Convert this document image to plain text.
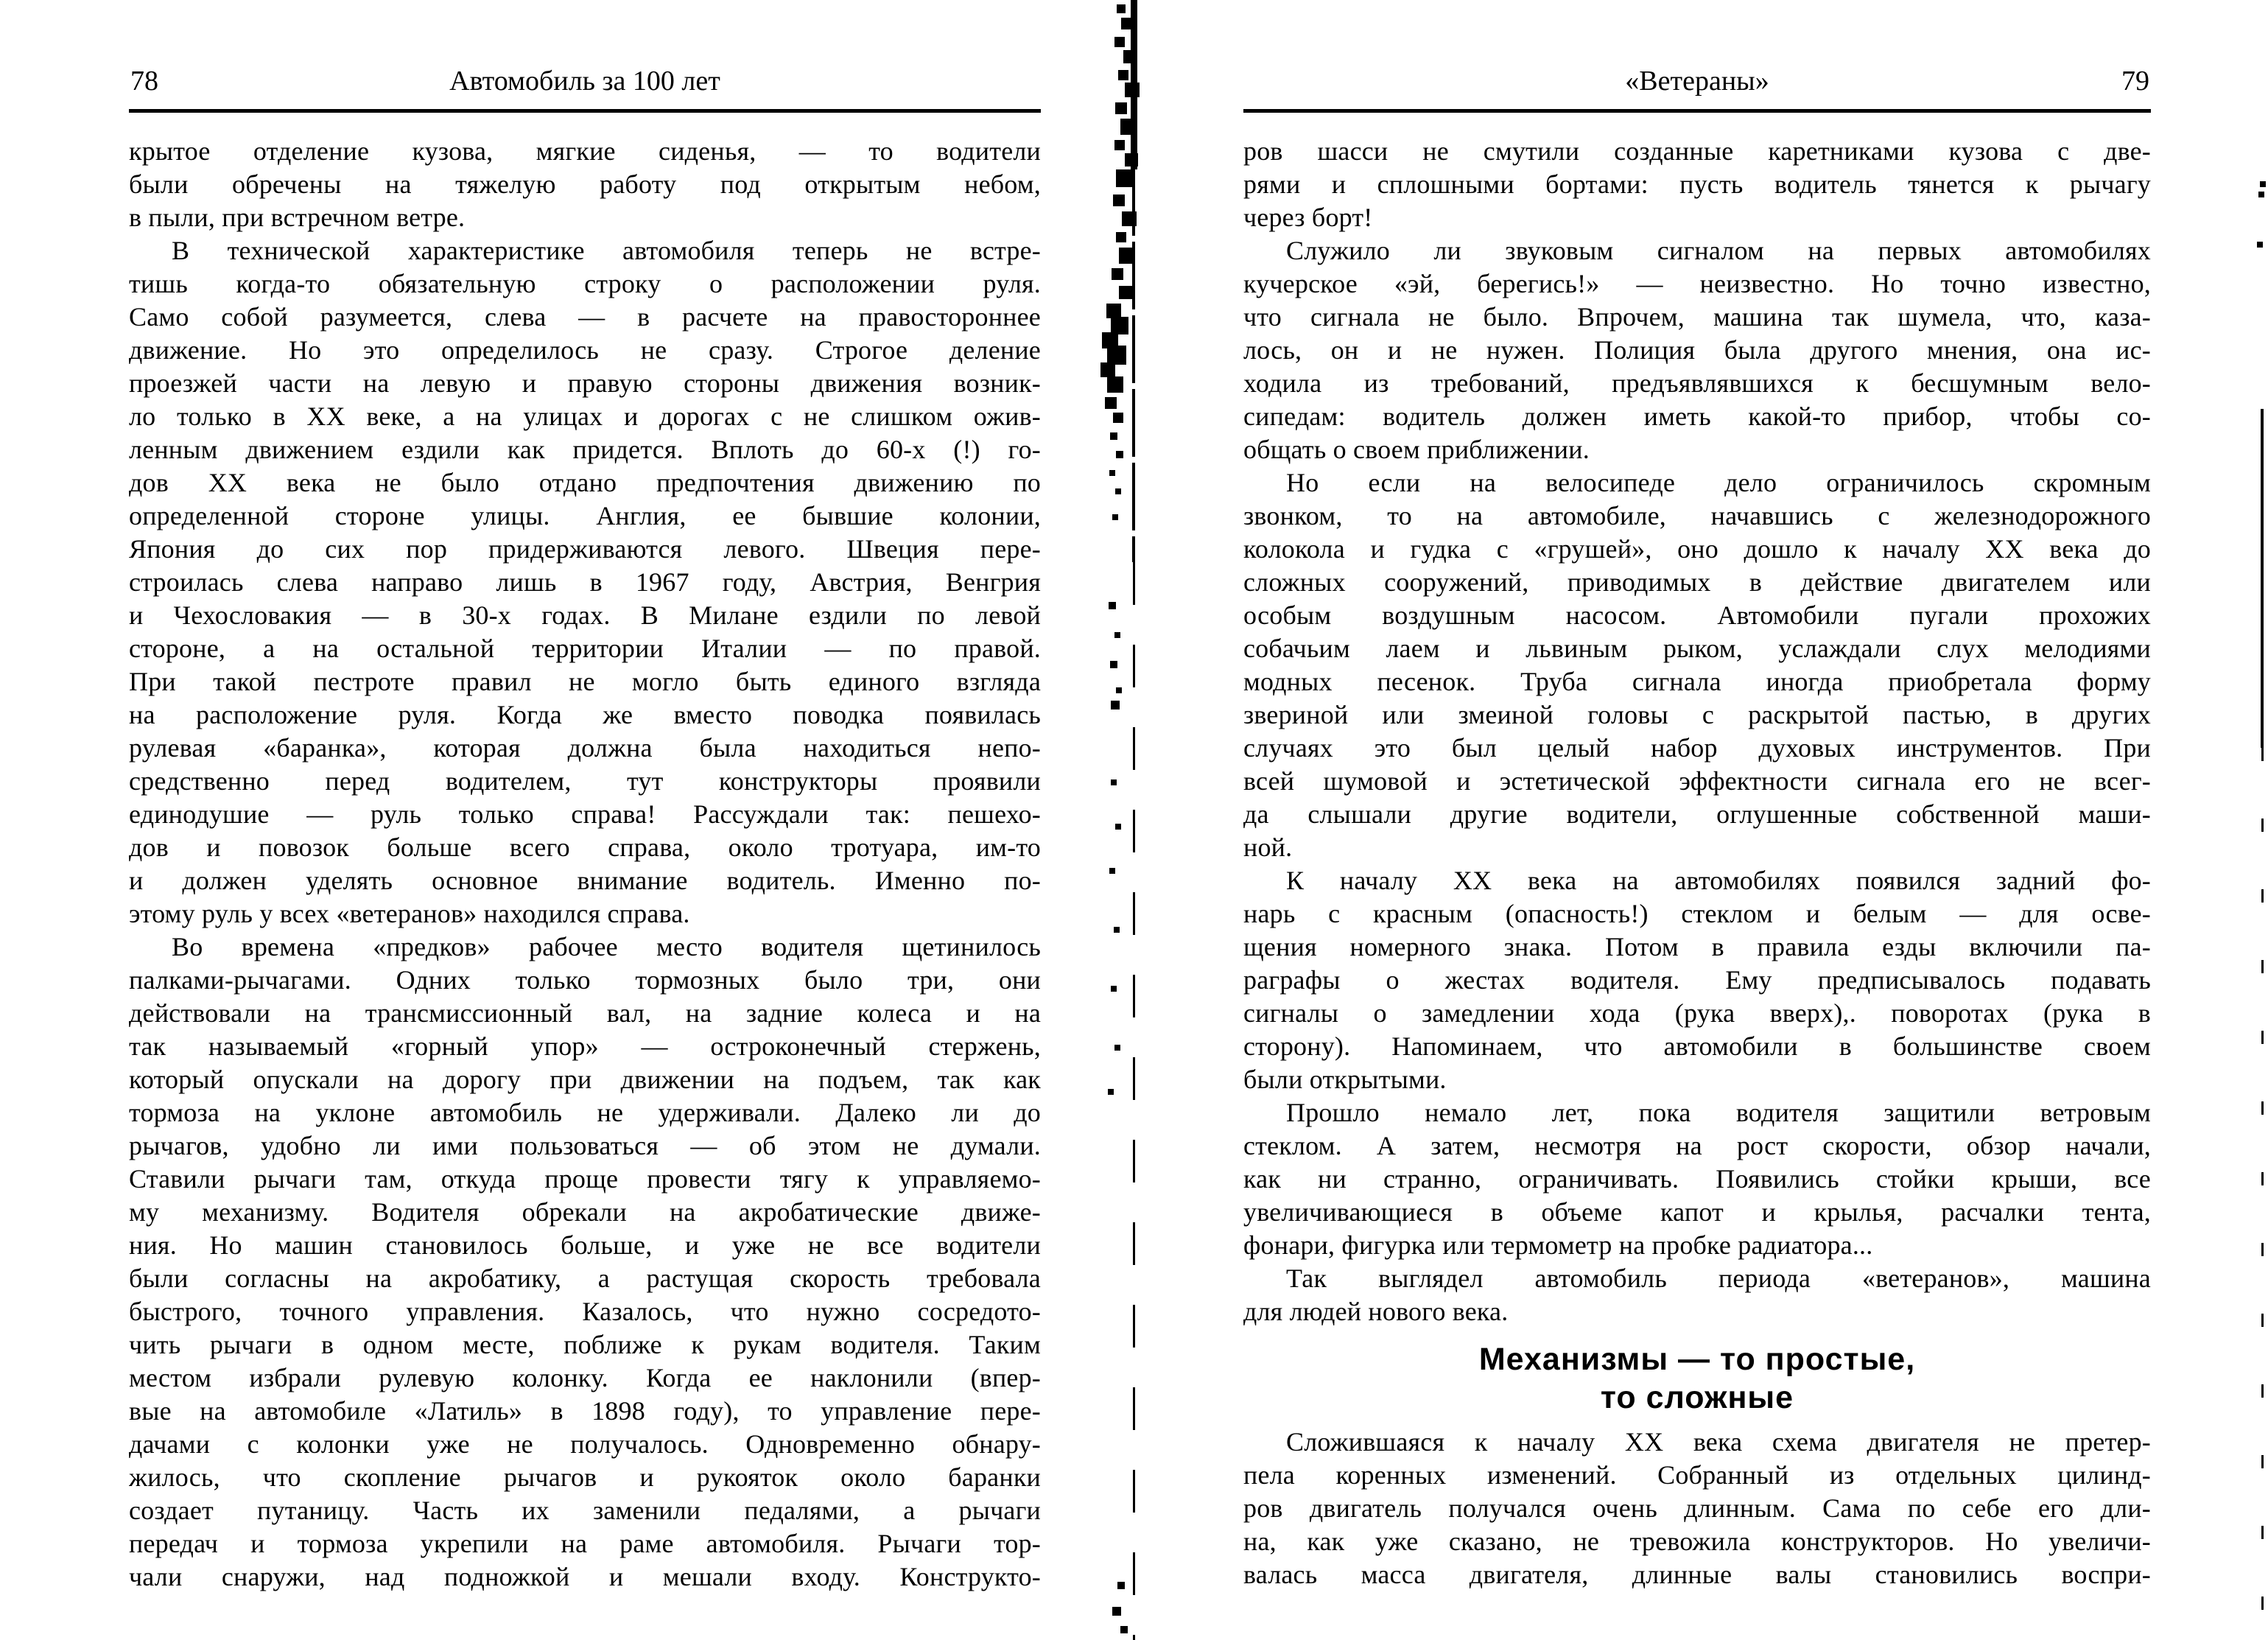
78	Автомобиль за 100 лет
крытое отделение кузова, мягкие сиденья, — то водители
были обречены на тяжелую работу под открытым небом,
в пыли, при встречном ветре.
В технической характеристике автомобиля теперь не встре-
тишь когда-то обязательную строку о расположении руля.
Само собой разумеется, слева — в расчете на правостороннее
движение. Но это определилось не сразу. Строгое деление
проезжей части на левую и правую стороны движения возник-
ло только в XX веке, а на улицах и дорогах с не слишком ожив-
ленным движением ездили как придется. Вплоть до 60-х (!) го-
дов XX века не было отдано предпочтения движению по
определенной стороне улицы. Англия, ее бывшие колонии,
Япония до сих пор придерживаются левого. Швеция пере-
строилась слева направо лишь в 1967 году, Австрия, Венгрия
и Чехословакия — в 30-х годах. В Милане ездили по левой
стороне, а на остальной территории Италии — по правой.
При такой пестроте правил не могло быть единого взгляда
на расположение руля. Когда же вместо поводка появилась
рулевая «баранка», которая должна была находиться непо-
средственно перед водителем, тут конструкторы проявили
единодушие — руль только справа! Рассуждали так: пешехо-
дов и повозок больше всего справа, около тротуара, им-то
и должен уделять основное внимание водитель. Именно по-
этому руль у всех «ветеранов» находился справа.
Во времена «предков» рабочее место водителя щетинилось
палками-рычагами. Одних только тормозных было три, они
действовали на трансмиссионный вал, на задние колеса и на
так называемый «горный упор» — остроконечный стержень,
который опускали на дорогу при движении на подъем, так как
тормоза на уклоне автомобиль не удерживали. Далеко ли до
рычагов, удобно ли ими пользоваться — об этом не думали.
Ставили рычаги там, откуда проще провести тягу к управляемо-
му механизму. Водителя обрекали на акробатические движе-
ния. Но машин становилось больше, и уже не все водители
были согласны на акробатику, а растущая скорость требовала
быстрого, точного управления. Казалось, что нужно сосредото-
чить рычаги в одном месте, поближе к рукам водителя. Таким
местом избрали рулевую колонку. Когда ее наклонили (впер-
вые на автомобиле «Латиль» в 1898 году), то управление пере-
дачами с колонки уже не получалось. Одновременно обнару-
жилось, что скопление рычагов и рукояток около баранки
создает путаницу. Часть их заменили педалями, а рычаги
передач и тормоза укрепили на раме автомобиля. Рычаги тор-
чали снаружи, над подножкой и мешали входу. Конструкто-
«Ветераны»	79
ров шасси не смутили созданные каретниками кузова с две-
рями и сплошными бортами: пусть водитель тянется к рычагу
через борт!
Служило ли звуковым сигналом на первых автомобилях
кучерское «эй, берегись!» — неизвестно. Но точно известно,
что сигнала не было. Впрочем, машина так шумела, что, каза-
лось, он и не нужен. Полиция была другого мнения, она ис-
ходила из требований, предъявлявшихся к бесшумным вело-
сипедам: водитель должен иметь какой-то прибор, чтобы со-
общать о своем приближении.
Но если на велосипеде дело ограничилось скромным
звонком, то на автомобиле, начавшись с железнодорожного
колокола и гудка с «грушей», оно дошло к началу XX века до
сложных сооружений, приводимых в действие двигателем или
особым воздушным насосом. Автомобили пугали прохожих
собачьим лаем и львиным рыком, услаждали слух мелодиями
модных песенок. Труба сигнала иногда приобретала форму
звериной или змеиной головы с раскрытой пастью, в других
случаях это был целый набор духовых инструментов. При
всей шумовой и эстетической эффектности сигнала его не всег-
да слышали другие водители, оглушенные собственной маши-
ной.
К началу XX века на автомобилях появился задний фо-
нарь с красным (опасность!) стеклом и белым — для осве-
щения номерного знака. Потом в правила езды включили па-
раграфы о жестах водителя. Ему предписывалось подавать
сигналы о замедлении хода (рука вверх),. поворотах (рука в
сторону). Напоминаем, что автомобили в большинстве своем
были открытыми.
Прошло немало лет, пока водителя защитили ветровым
стеклом. А затем, несмотря на рост скорости, обзор начали,
как ни странно, ограничивать. Появились стойки крыши, все
увеличивающиеся в объеме капот и крылья, расчалки тента,
фонари, фигурка или термометр на пробке радиатора...
Так выглядел автомобиль периода «ветеранов», машина
для людей нового века.
Механизмы — то простые,
то сложные
Сложившаяся к началу XX века схема двигателя не претер-
пела коренных изменений. Собранный из отдельных цилинд-
ров двигатель получался очень длинным. Сама по себе его дли-
на, как уже сказано, не тревожила конструкторов. Но увеличи-
валась масса двигателя, длинные валы становились воспри-
